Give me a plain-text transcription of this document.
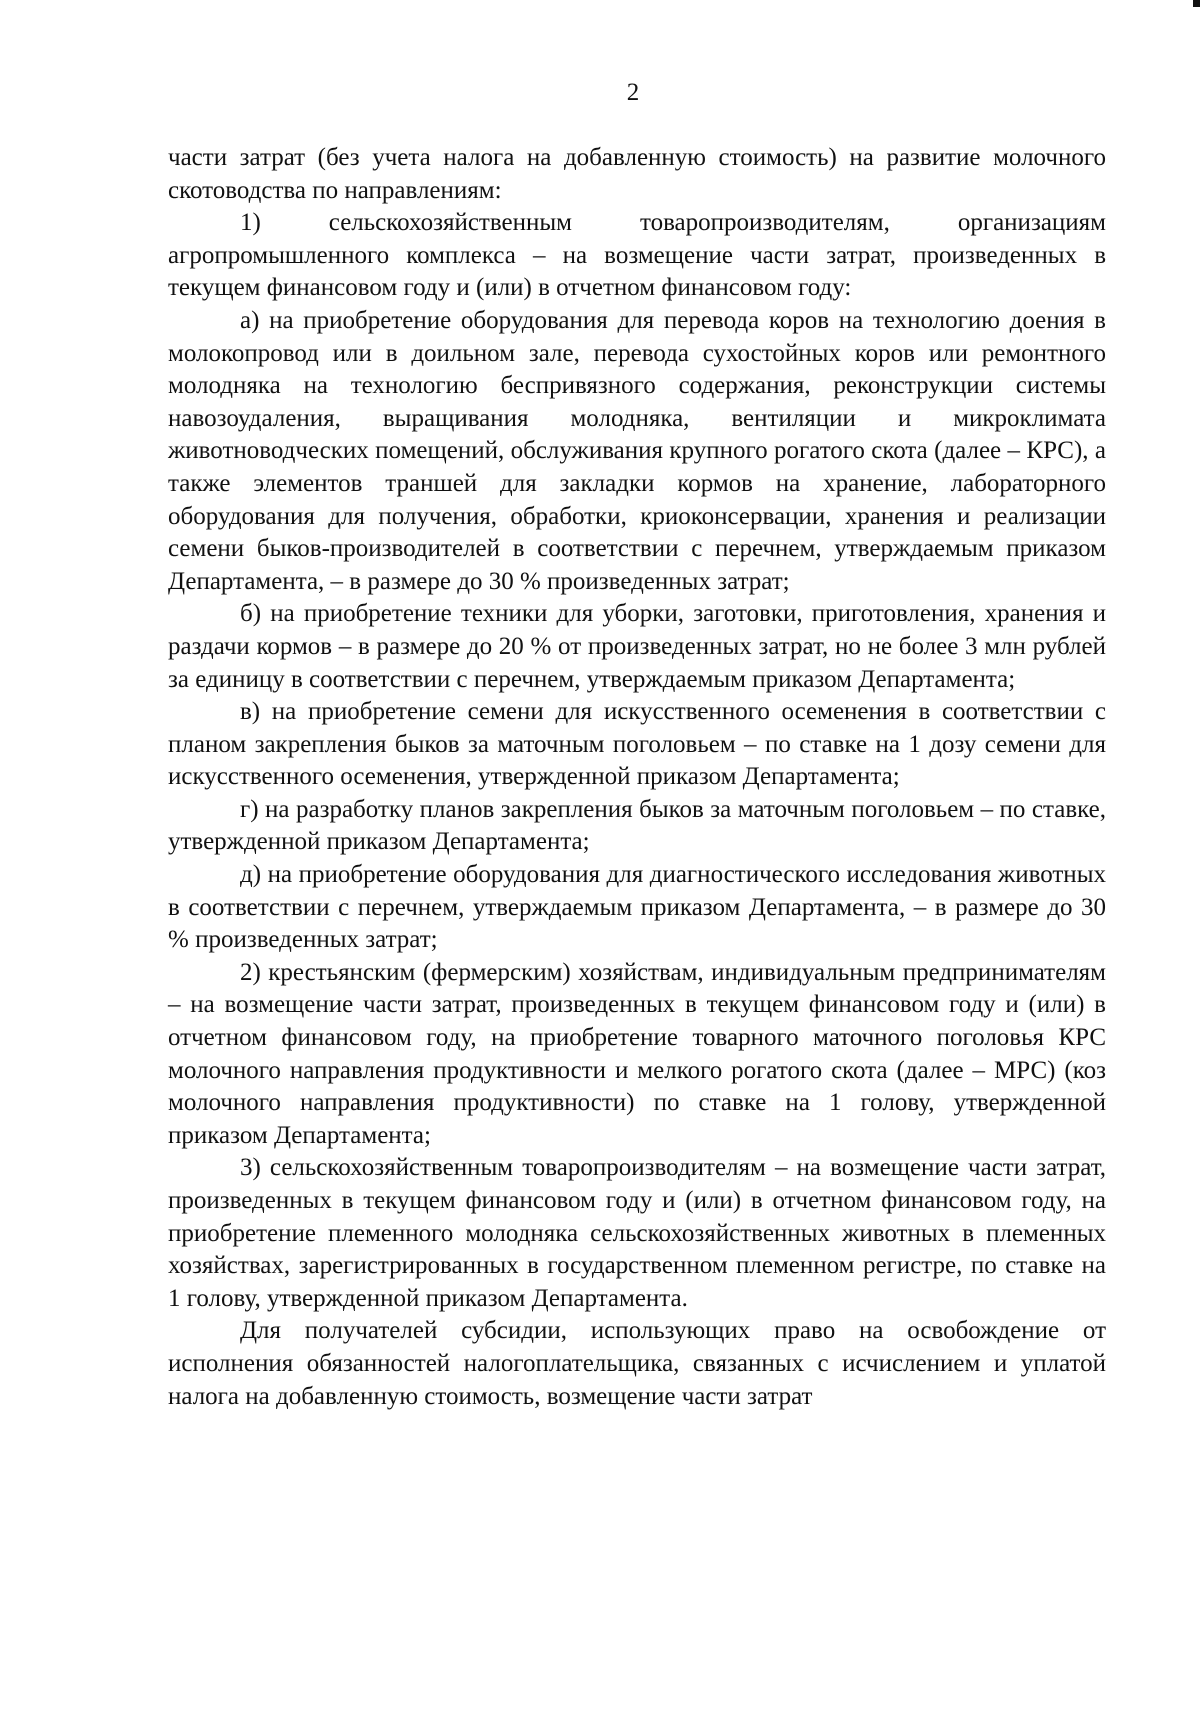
2

части затрат (без учета налога на добавленную стоимость) на развитие молочного скотоводства по направлениям:

1) сельскохозяйственным товаропроизводителям, организациям агропромышленного комплекса – на возмещение части затрат, произведенных в текущем финансовом году и (или) в отчетном финансовом году:

а) на приобретение оборудования для перевода коров на технологию доения в молокопровод или в доильном зале, перевода сухостойных коров или ремонтного молодняка на технологию беспривязного содержания, реконструкции системы навозоудаления, выращивания молодняка, вентиляции и микроклимата животноводческих помещений, обслуживания крупного рогатого скота (далее – КРС), а также элементов траншей для закладки кормов на хранение, лабораторного оборудования для получения, обработки, криоконсервации, хранения и реализации семени быков-производителей в соответствии с перечнем, утверждаемым приказом Департамента, – в размере до 30 % произведенных затрат;

б) на приобретение техники для уборки, заготовки, приготовления, хранения и раздачи кормов – в размере до 20 % от произведенных затрат, но не более 3 млн рублей за единицу в соответствии с перечнем, утверждаемым приказом Департамента;

в) на приобретение семени для искусственного осеменения в соответствии с планом закрепления быков за маточным поголовьем – по ставке на 1 дозу семени для искусственного осеменения, утвержденной приказом Департамента;

г) на разработку планов закрепления быков за маточным поголовьем – по ставке, утвержденной приказом Департамента;

д) на приобретение оборудования для диагностического исследования животных в соответствии с перечнем, утверждаемым приказом Департамента, – в размере до 30 % произведенных затрат;

2) крестьянским (фермерским) хозяйствам, индивидуальным предпринимателям – на возмещение части затрат, произведенных в текущем финансовом году и (или) в отчетном финансовом году, на приобретение товарного маточного поголовья КРС молочного направления продуктивности и мелкого рогатого скота (далее – МРС) (коз молочного направления продуктивности) по ставке на 1 голову, утвержденной приказом Департамента;

3) сельскохозяйственным товаропроизводителям – на возмещение части затрат, произведенных в текущем финансовом году и (или) в отчетном финансовом году, на приобретение племенного молодняка сельскохозяйственных животных в племенных хозяйствах, зарегистрированных в государственном племенном регистре, по ставке на 1 голову, утвержденной приказом Департамента.

Для получателей субсидии, использующих право на освобождение от исполнения обязанностей налогоплательщика, связанных с исчислением и уплатой налога на добавленную стоимость, возмещение части затрат
